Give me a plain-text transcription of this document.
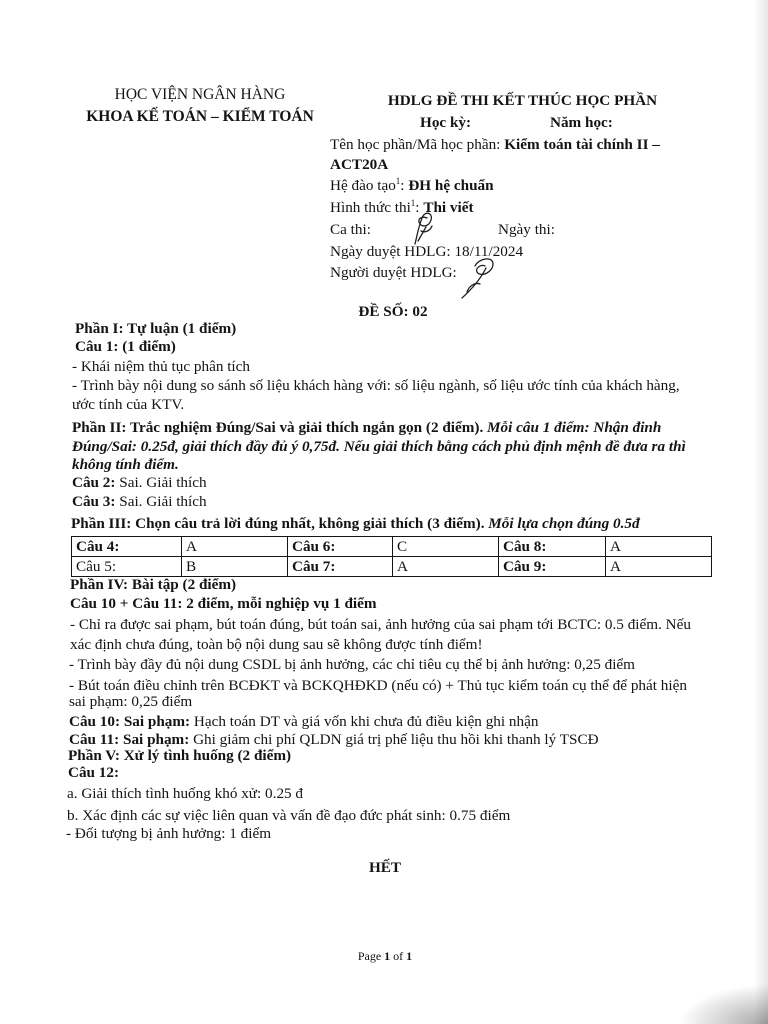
HỌC VIỆN NGÂN HÀNG
KHOA KẾ TOÁN – KIỂM TOÁN
HDLG ĐỀ THI KẾT THÚC HỌC PHẦN
Học kỳ:	Năm học:
Tên học phần/Mã học phần: Kiểm toán tài chính II –
ACT20A
Hệ đào tạo$^1$: ĐH hệ chuẩn
Hình thức thi$^1$: Thi viết
Ca thi:	Ngày thi:
Ngày duyệt HDLG: 18/11/2024
Người duyệt HDLG:
ĐỀ SỐ: 02
Phần I: Tự luận (1 điểm)
Câu 1: (1 điểm)
- Khái niệm thủ tục phân tích
- Trình bày nội dung so sánh số liệu khách hàng với: số liệu ngành, số liệu ước tính của khách hàng,
ước tính của KTV.
Phần II: Trắc nghiệm Đúng/Sai và giải thích ngắn gọn (2 điểm). Mỗi câu 1 điểm: Nhận đinh
Đúng/Sai: 0.25đ, giải thích đầy đủ ý 0,75đ. Nếu giải thích bằng cách phủ định mệnh đề đưa ra thì
không tính điểm.
Câu 2: Sai. Giải thích
Câu 3: Sai. Giải thích
Phần III: Chọn câu trả lời đúng nhất, không giải thích (3 điểm). Mỗi lựa chọn đúng 0.5đ
Câu 4:	A	Câu 6:	C	Câu 8:	A
Câu 5:	B	Câu 7:	A	Câu 9:	A
Phần IV: Bài tập (2 điểm)
Câu 10 + Câu 11: 2 điểm, mỗi nghiệp vụ 1 điểm
- Chỉ ra được sai phạm, bút toán đúng, bút toán sai, ảnh hưởng của sai phạm tới BCTC: 0.5 điểm. Nếu
xác định chưa đúng, toàn bộ nội dung sau sẽ không được tính điểm!
- Trình bày đầy đủ nội dung CSDL bị ảnh hưởng, các chỉ tiêu cụ thể bị ảnh hưởng: 0,25 điểm
- Bút toán điều chỉnh trên BCĐKT và BCKQHĐKD (nếu có) + Thủ tục kiểm toán cụ thể để phát hiện
sai phạm: 0,25 điểm
Câu 10: Sai phạm: Hạch toán DT và giá vốn khi chưa đủ điều kiện ghi nhận
Câu 11: Sai phạm: Ghi giảm chi phí QLDN giá trị phế liệu thu hồi khi thanh lý TSCĐ
Phần V: Xử lý tình huống (2 điểm)
Câu 12:
a. Giải thích tình huống khó xử: 0.25 đ
b. Xác định các sự việc liên quan và vấn đề đạo đức phát sinh: 0.75 điểm
- Đối tượng bị ảnh hưởng: 1 điểm
HẾT
Page 1 of 1
